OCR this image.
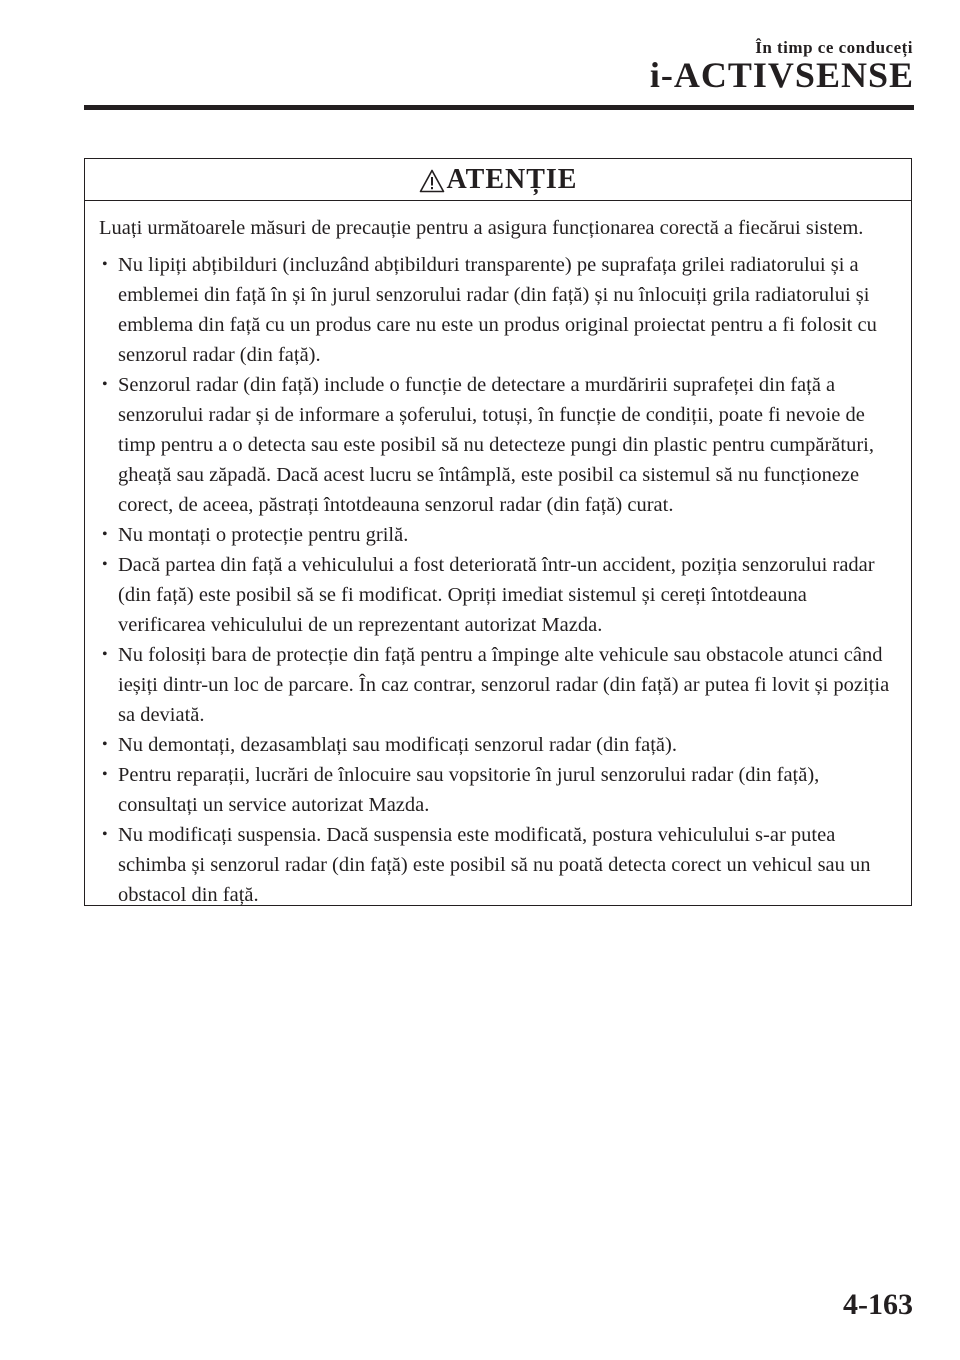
În timp ce conduceți
i-ACTIVSENSE
ATENȚIE

Luați următoarele măsuri de precauție pentru a asigura funcționarea corectă a fiecărui sistem.

• Nu lipiți abțibilduri (incluzând abțibilduri transparente) pe suprafața grilei radiatorului și a emblemei din față în și în jurul senzorului radar (din față) și nu înlocuiți grila radiatorului și emblema din față cu un produs care nu este un produs original proiectat pentru a fi folosit cu senzorul radar (din față).
• Senzorul radar (din față) include o funcție de detectare a murdăririi suprafeței din față a senzorului radar și de informare a șoferului, totuși, în funcție de condiții, poate fi nevoie de timp pentru a o detecta sau este posibil să nu detecteze pungi din plastic pentru cumpărături, gheață sau zăpadă. Dacă acest lucru se întâmplă, este posibil ca sistemul să nu funcționeze corect, de aceea, păstrați întotdeauna senzorul radar (din față) curat.
• Nu montați o protecție pentru grilă.
• Dacă partea din față a vehiculului a fost deteriorată într-un accident, poziția senzorului radar (din față) este posibil să se fi modificat. Opriți imediat sistemul și cereți întotdeauna verificarea vehiculului de un reprezentant autorizat Mazda.
• Nu folosiți bara de protecție din față pentru a împinge alte vehicule sau obstacole atunci când ieșiți dintr-un loc de parcare. În caz contrar, senzorul radar (din față) ar putea fi lovit și poziția sa deviată.
• Nu demontați, dezasamblați sau modificați senzorul radar (din față).
• Pentru reparații, lucrări de înlocuire sau vopsitorie în jurul senzorului radar (din față), consultați un service autorizat Mazda.
• Nu modificați suspensia. Dacă suspensia este modificată, postura vehiculului s-ar putea schimba și senzorul radar (din față) este posibil să nu poată detecta corect un vehicul sau un obstacol din față.
4-163
